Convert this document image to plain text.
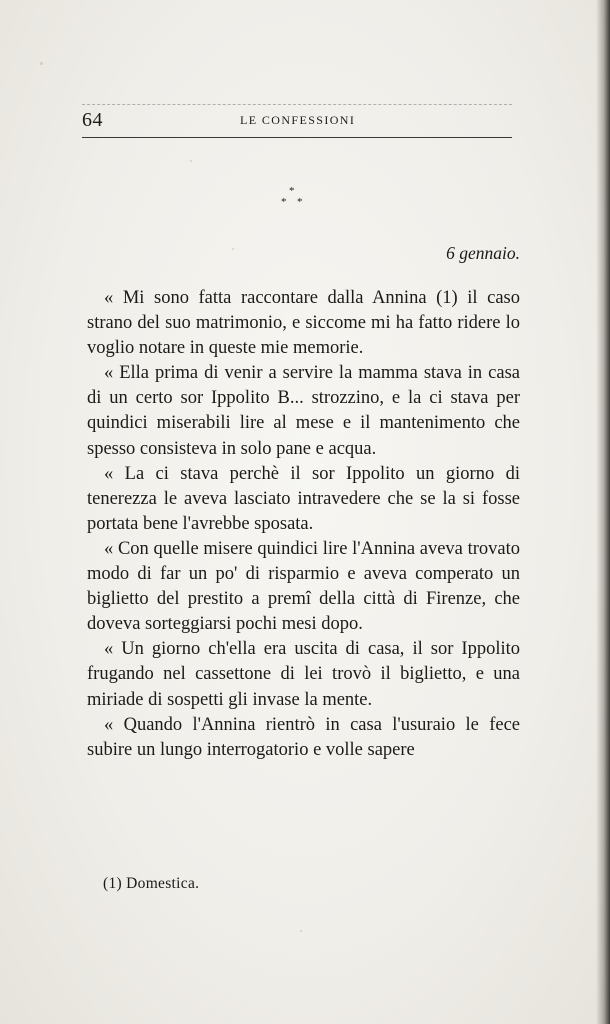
64	LE CONFESSIONI
*
* *
6 gennaio.

« Mi sono fatta raccontare dalla Annina (1) il caso strano del suo matrimonio, e siccome mi ha fatto ridere lo voglio notare in queste mie memorie.

« Ella prima di venir a servire la mamma stava in casa di un certo sor Ippolito B... strozzino, e la ci stava per quindici miserabili lire al mese e il mantenimento che spesso consisteva in solo pane e acqua.

« La ci stava perchè il sor Ippolito un giorno di tenerezza le aveva lasciato intravedere che se la si fosse portata bene l'avrebbe sposata.

« Con quelle misere quindici lire l'Annina aveva trovato modo di far un po' di risparmio e aveva comperato un biglietto del prestito a premî della città di Firenze, che doveva sorteggiarsi pochi mesi dopo.

« Un giorno ch'ella era uscita di casa, il sor Ippolito frugando nel cassettone di lei trovò il biglietto, e una miriade di sospetti gli invase la mente.

« Quando l'Annina rientrò in casa l'usuraio le fece subire un lungo interrogatorio e volle sapere

(1) Domestica.
